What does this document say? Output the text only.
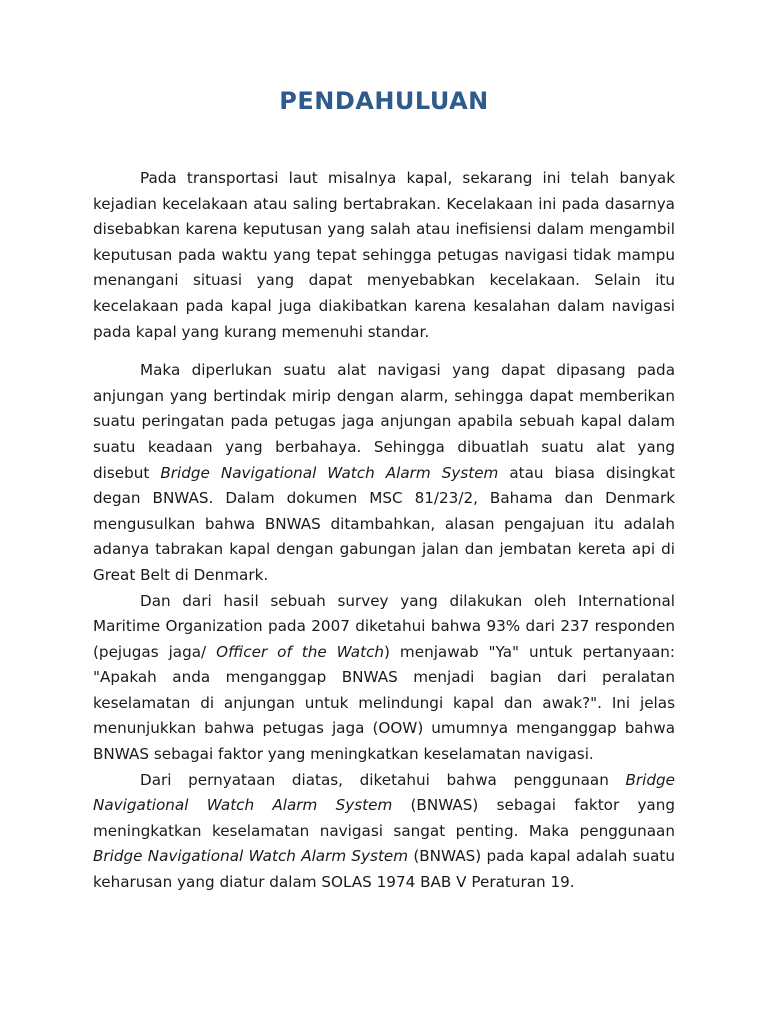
PENDAHULUAN

Pada transportasi laut misalnya kapal, sekarang ini telah banyak kejadian kecelakaan atau saling bertabrakan. Kecelakaan ini pada dasarnya disebabkan karena keputusan yang salah atau inefisiensi dalam mengambil keputusan pada waktu yang tepat sehingga petugas navigasi tidak mampu menangani situasi yang dapat menyebabkan kecelakaan. Selain itu kecelakaan pada kapal juga diakibatkan karena kesalahan dalam navigasi pada kapal yang kurang memenuhi standar.

Maka diperlukan suatu alat navigasi yang dapat dipasang pada anjungan yang bertindak mirip dengan alarm, sehingga dapat memberikan suatu peringatan pada petugas jaga anjungan apabila sebuah kapal dalam suatu keadaan yang berbahaya. Sehingga dibuatlah suatu alat yang disebut Bridge Navigational Watch Alarm System atau biasa disingkat degan BNWAS. Dalam dokumen MSC 81/23/2, Bahama dan Denmark mengusulkan bahwa BNWAS ditambahkan, alasan pengajuan itu adalah adanya tabrakan kapal dengan gabungan jalan dan jembatan kereta api di Great Belt di Denmark.

Dan dari hasil sebuah survey yang dilakukan oleh International Maritime Organization pada 2007 diketahui bahwa 93% dari 237 responden (pejugas jaga/ Officer of the Watch) menjawab "Ya" untuk pertanyaan: "Apakah anda menganggap BNWAS menjadi bagian dari peralatan keselamatan di anjungan untuk melindungi kapal dan awak?". Ini jelas menunjukkan bahwa petugas jaga (OOW) umumnya menganggap bahwa BNWAS sebagai faktor yang meningkatkan keselamatan navigasi.

Dari pernyataan diatas, diketahui bahwa penggunaan Bridge Navigational Watch Alarm System (BNWAS) sebagai faktor yang meningkatkan keselamatan navigasi sangat penting. Maka penggunaan Bridge Navigational Watch Alarm System (BNWAS) pada kapal adalah suatu keharusan yang diatur dalam SOLAS 1974 BAB V Peraturan 19.
